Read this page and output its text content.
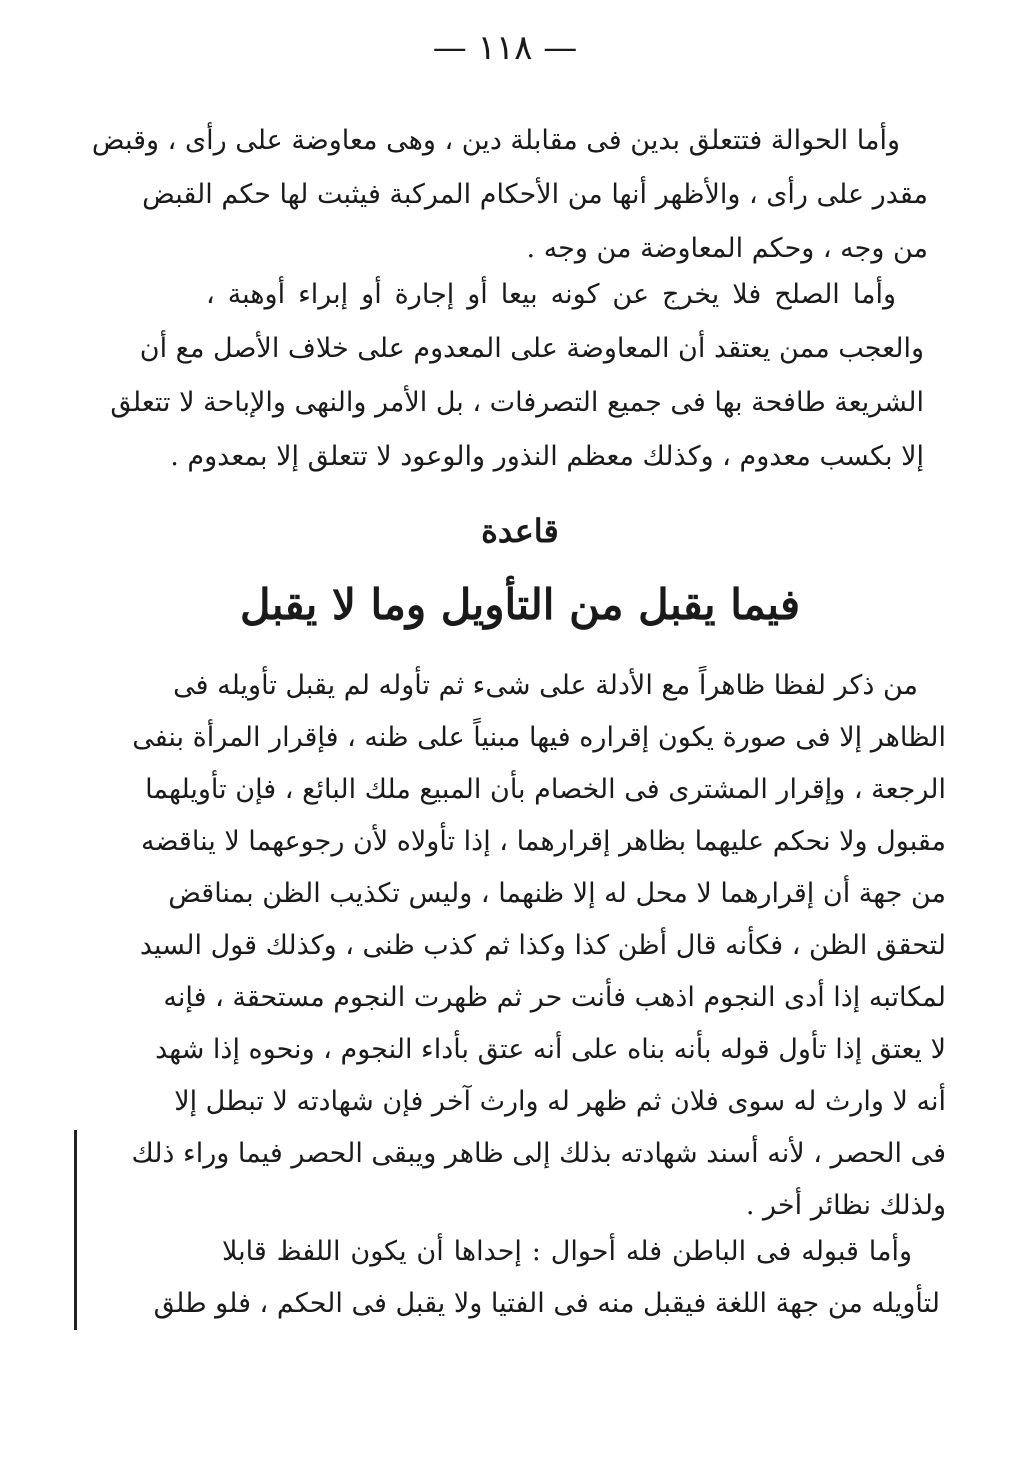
— ١١٨ —
وأما الحوالة فتتعلق بدين فى مقابلة دين ، وهى معاوضة على رأى ، وقبض
مقدر على رأى ، والأظهر أنها من الأحكام المركبة فيثبت لها حكم القبض
من وجه ، وحكم المعاوضة من وجه .
وأما الصلح فلا يخرج عن كونه بيعا أو إجارة أو إبراء أوهبة ،
والعجب ممن يعتقد أن المعاوضة على المعدوم على خلاف الأصل مع أن
الشريعة طافحة بها فى جميع التصرفات ، بل الأمر والنهى والإباحة لا تتعلق
إلا بكسب معدوم ، وكذلك معظم النذور والوعود لا تتعلق إلا بمعدوم .
قاعدة
فيما يقبل من التأويل وما لا يقبل
من ذكر لفظا ظاهراً مع الأدلة على شىء ثم تأوله لم يقبل تأويله فى
الظاهر إلا فى صورة يكون إقراره فيها مبنياً على ظنه ، فإقرار المرأة بنفى
الرجعة ، وإقرار المشترى فى الخصام بأن المبيع ملك البائع ، فإن تأويلهما
مقبول ولا نحكم عليهما بظاهر إقرارهما ، إذا تأولاه لأن رجوعهما لا يناقضه
من جهة أن إقرارهما لا محل له إلا ظنهما ، وليس تكذيب الظن بمناقض
لتحقق الظن ، فكأنه قال أظن كذا وكذا ثم كذب ظنى ، وكذلك قول السيد
لمكاتبه إذا أدى النجوم اذهب فأنت حر ثم ظهرت النجوم مستحقة ، فإنه
لا يعتق إذا تأول قوله بأنه بناه على أنه عتق بأداء النجوم ، ونحوه إذا شهد
أنه لا وارث له سوى فلان ثم ظهر له وارث آخر فإن شهادته لا تبطل إلا
فى الحصر ، لأنه أسند شهادته بذلك إلى ظاهر ويبقى الحصر فيما وراء ذلك
ولذلك نظائر أخر .
وأما قبوله فى الباطن فله أحوال : إحداها أن يكون اللفظ قابلا
لتأويله من جهة اللغة فيقبل منه فى الفتيا ولا يقبل فى الحكم ، فلو طلق
